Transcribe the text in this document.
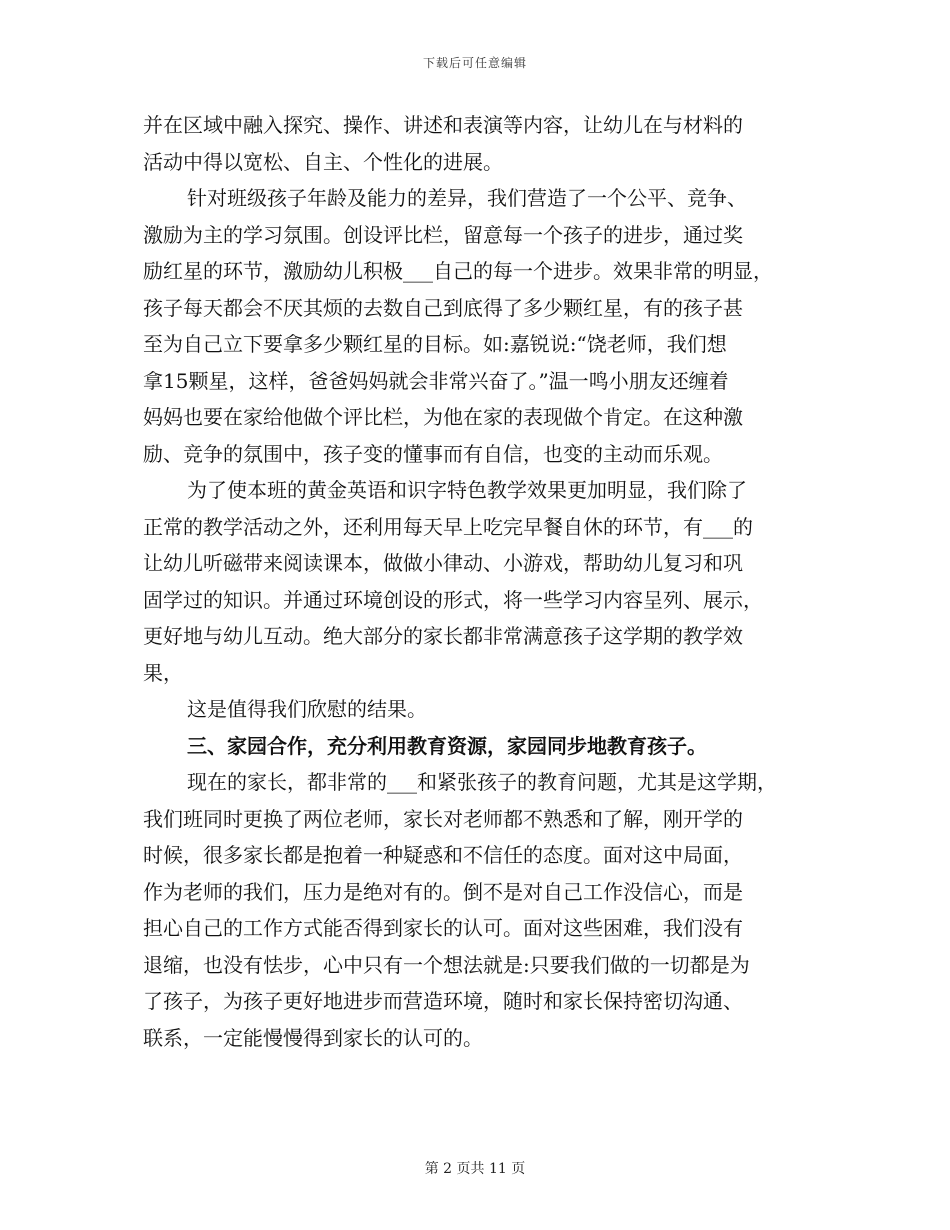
下载后可任意编辑
并在区域中融入探究、操作、讲述和表演等内容，让幼儿在与材料的
活动中得以宽松、自主、个性化的进展。
针对班级孩子年龄及能力的差异，我们营造了一个公平、竞争、
激励为主的学习氛围。创设评比栏，留意每一个孩子的进步，通过奖
励红星的环节，激励幼儿积极___自己的每一个进步。效果非常的明显，
孩子每天都会不厌其烦的去数自己到底得了多少颗红星，有的孩子甚
至为自己立下要拿多少颗红星的目标。如:嘉锐说:“饶老师，我们想
拿15颗星，这样，爸爸妈妈就会非常兴奋了。”温一鸣小朋友还缠着
妈妈也要在家给他做个评比栏，为他在家的表现做个肯定。在这种激
励、竞争的氛围中，孩子变的懂事而有自信，也变的主动而乐观。
为了使本班的黄金英语和识字特色教学效果更加明显，我们除了
正常的教学活动之外，还利用每天早上吃完早餐自休的环节，有___的
让幼儿听磁带来阅读课本，做做小律动、小游戏，帮助幼儿复习和巩
固学过的知识。并通过环境创设的形式，将一些学习内容呈列、展示，
更好地与幼儿互动。绝大部分的家长都非常满意孩子这学期的教学效
果，
这是值得我们欣慰的结果。
三、家园合作，充分利用教育资源，家园同步地教育孩子。
现在的家长，都非常的___和紧张孩子的教育问题，尤其是这学期，
我们班同时更换了两位老师，家长对老师都不熟悉和了解，刚开学的
时候，很多家长都是抱着一种疑惑和不信任的态度。面对这中局面，
作为老师的我们，压力是绝对有的。倒不是对自己工作没信心，而是
担心自己的工作方式能否得到家长的认可。面对这些困难，我们没有
退缩，也没有怯步，心中只有一个想法就是:只要我们做的一切都是为
了孩子，为孩子更好地进步而营造环境，随时和家长保持密切沟通、
联系，一定能慢慢得到家长的认可的。
第 2 页共 11 页
